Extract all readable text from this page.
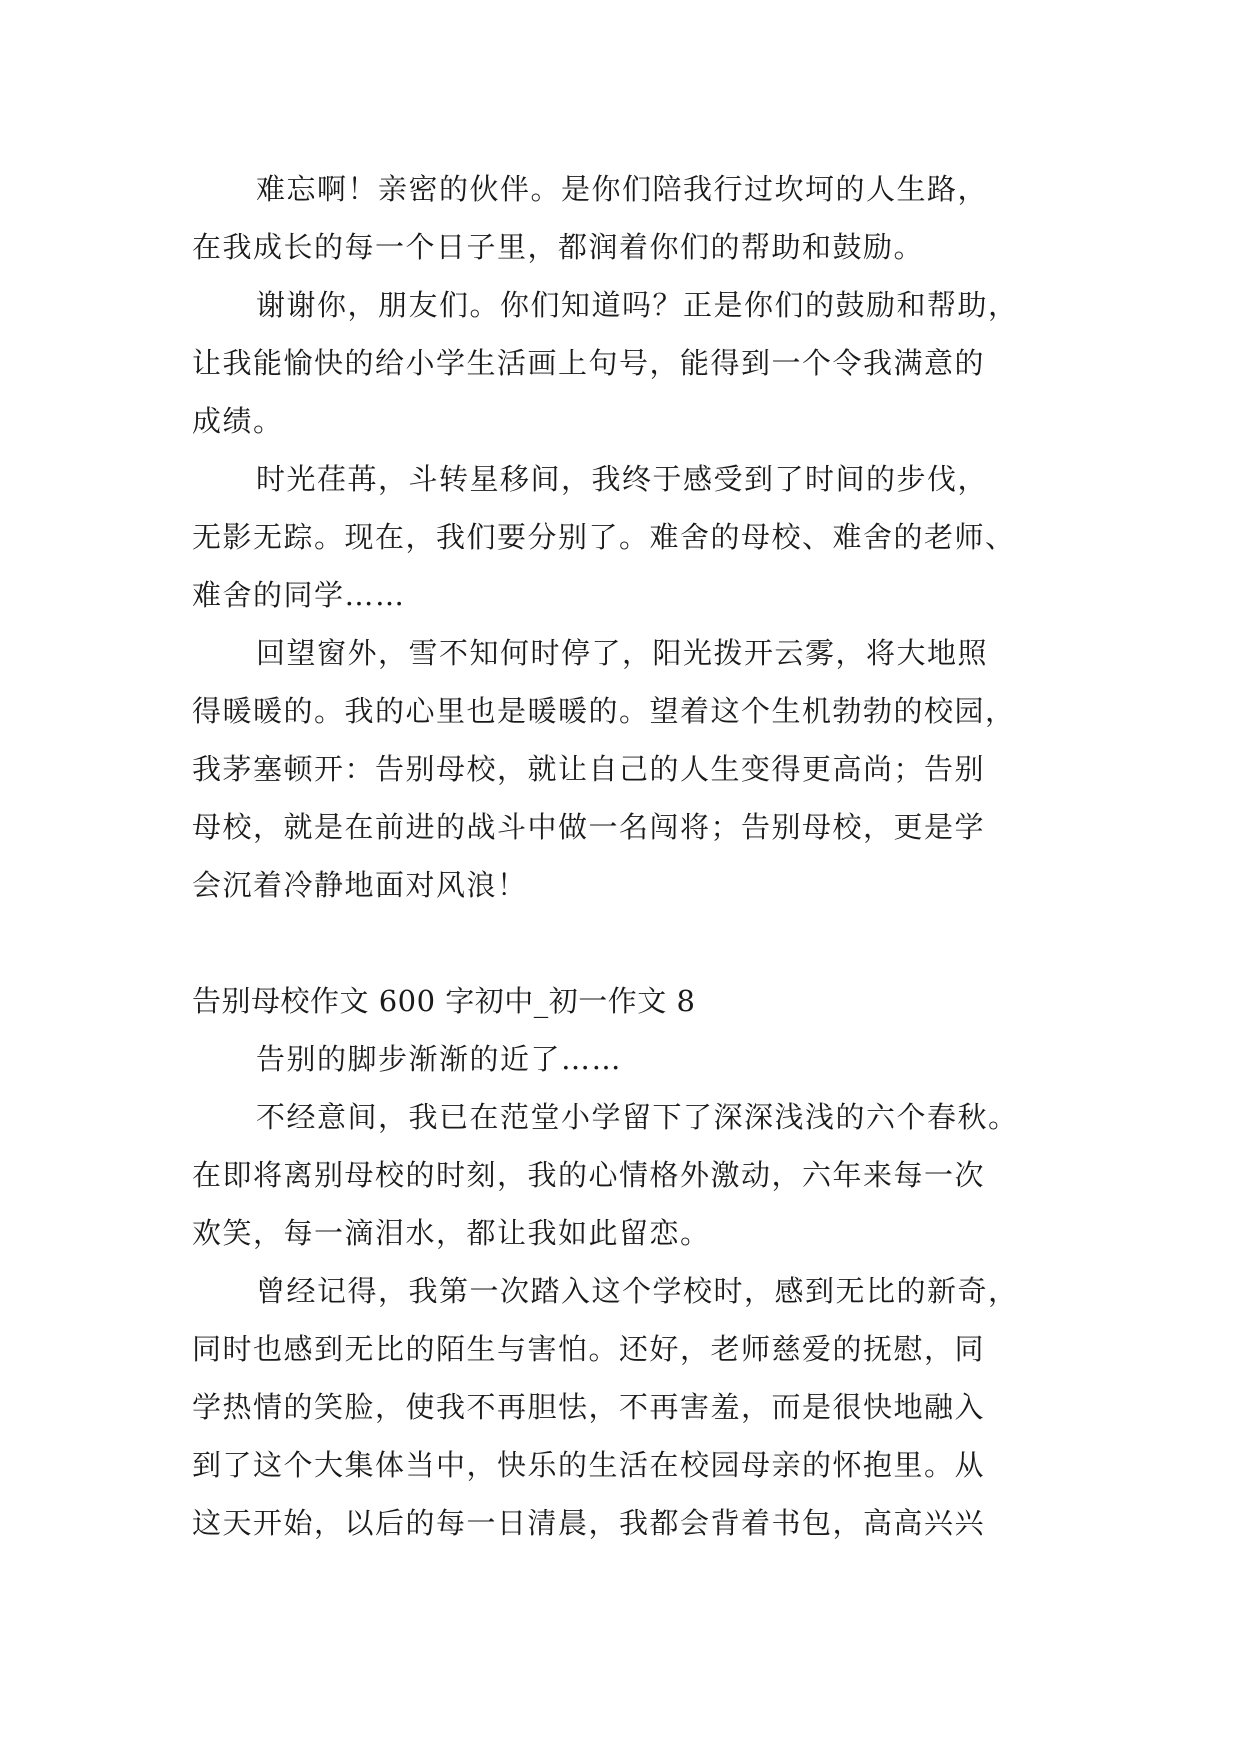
难忘啊！亲密的伙伴。是你们陪我行过坎坷的人生路，
在我成长的每一个日子里，都润着你们的帮助和鼓励。
谢谢你，朋友们。你们知道吗？正是你们的鼓励和帮助，
让我能愉快的给小学生活画上句号，能得到一个令我满意的
成绩。
时光荏苒，斗转星移间，我终于感受到了时间的步伐，
无影无踪。现在，我们要分别了。难舍的母校、难舍的老师、
难舍的同学……
回望窗外，雪不知何时停了，阳光拨开云雾，将大地照
得暖暖的。我的心里也是暖暖的。望着这个生机勃勃的校园，
我茅塞顿开：告别母校，就让自己的人生变得更高尚；告别
母校，就是在前进的战斗中做一名闯将；告别母校，更是学
会沉着冷静地面对风浪！
告别母校作文 600 字初中_初一作文 8
告别的脚步渐渐的近了……
不经意间，我已在范堂小学留下了深深浅浅的六个春秋。
在即将离别母校的时刻，我的心情格外激动，六年来每一次
欢笑，每一滴泪水，都让我如此留恋。
曾经记得，我第一次踏入这个学校时，感到无比的新奇，
同时也感到无比的陌生与害怕。还好，老师慈爱的抚慰，同
学热情的笑脸，使我不再胆怯，不再害羞，而是很快地融入
到了这个大集体当中，快乐的生活在校园母亲的怀抱里。从
这天开始，以后的每一日清晨，我都会背着书包，高高兴兴
